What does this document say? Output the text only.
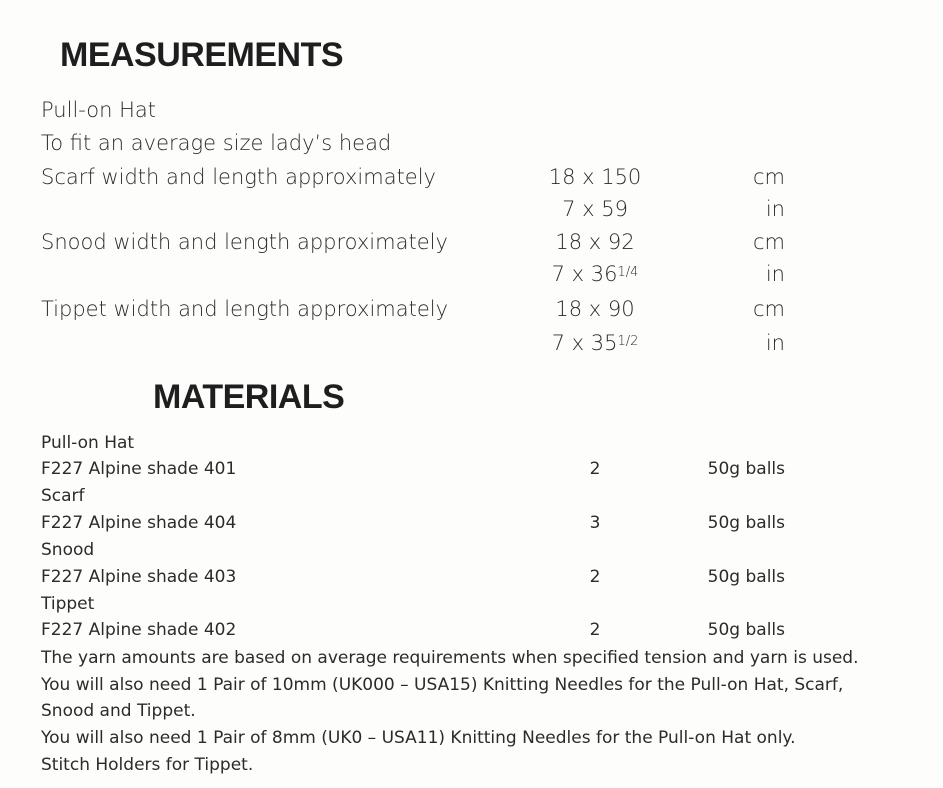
MEASUREMENTS
Pull-on Hat
To fit an average size lady’s head
Scarf width and length approximately	18 x 150	cm
7 x 59	in
Snood width and length approximately	18 x 92	cm
7 x $36^{1/4}$	in
Tippet width and length approximately	18 x 90	cm
7 x $35^{1/2}$	in
MATERIALS
Pull-on Hat
F227 Alpine shade 401	2	50g balls
Scarf
F227 Alpine shade 404	3	50g balls
Snood
F227 Alpine shade 403	2	50g balls
Tippet
F227 Alpine shade 402	2	50g balls
The yarn amounts are based on average requirements when specified tension and yarn is used.
You will also need 1 Pair of 10mm (UK000 – USA15) Knitting Needles for the Pull-on Hat, Scarf,
Snood and Tippet.
You will also need 1 Pair of 8mm (UK0 – USA11) Knitting Needles for the Pull-on Hat only.
Stitch Holders for Tippet.
